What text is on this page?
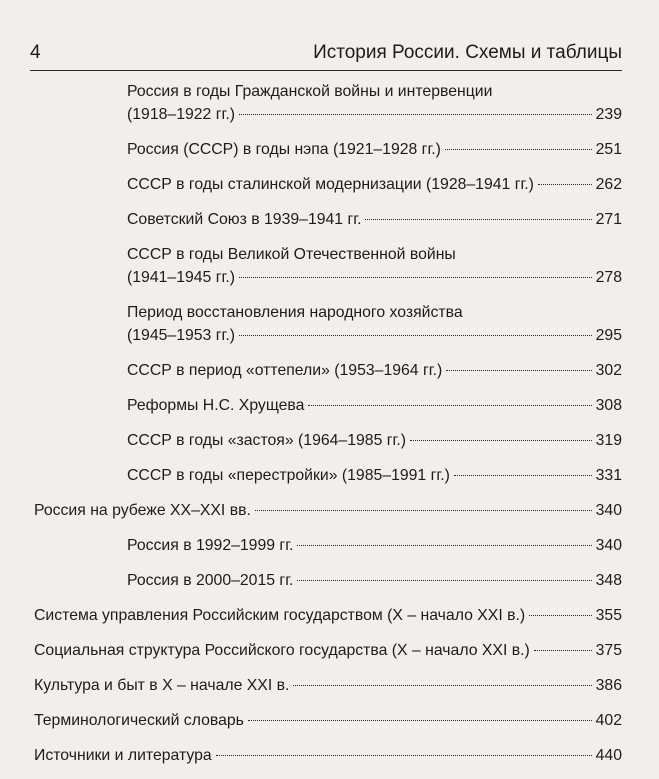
4	История России. Схемы и таблицы
Россия в годы Гражданской войны и интервенции
(1918–1922 гг.)	239
Россия (СССР) в годы нэпа (1921–1928 гг.)	251
СССР в годы сталинской модернизации (1928–1941 гг.)	262
Советский Союз в 1939–1941 гг.	271
СССР в годы Великой Отечественной войны
(1941–1945 гг.)	278
Период восстановления народного хозяйства
(1945–1953 гг.)	295
СССР в период «оттепели» (1953–1964 гг.)	302
Реформы Н.С. Хрущева	308
СССР в годы «застоя» (1964–1985 гг.)	319
СССР в годы «перестройки» (1985–1991 гг.)	331
Россия на рубеже XX–XXI вв.	340
Россия в 1992–1999 гг.	340
Россия в 2000–2015 гг.	348
Система управления Российским государством (X – начало XXI в.)	355
Социальная структура Российского государства (X – начало XXI в.)	375
Культура и быт в X – начале XXI в.	386
Терминологический словарь	402
Источники и литература	440
